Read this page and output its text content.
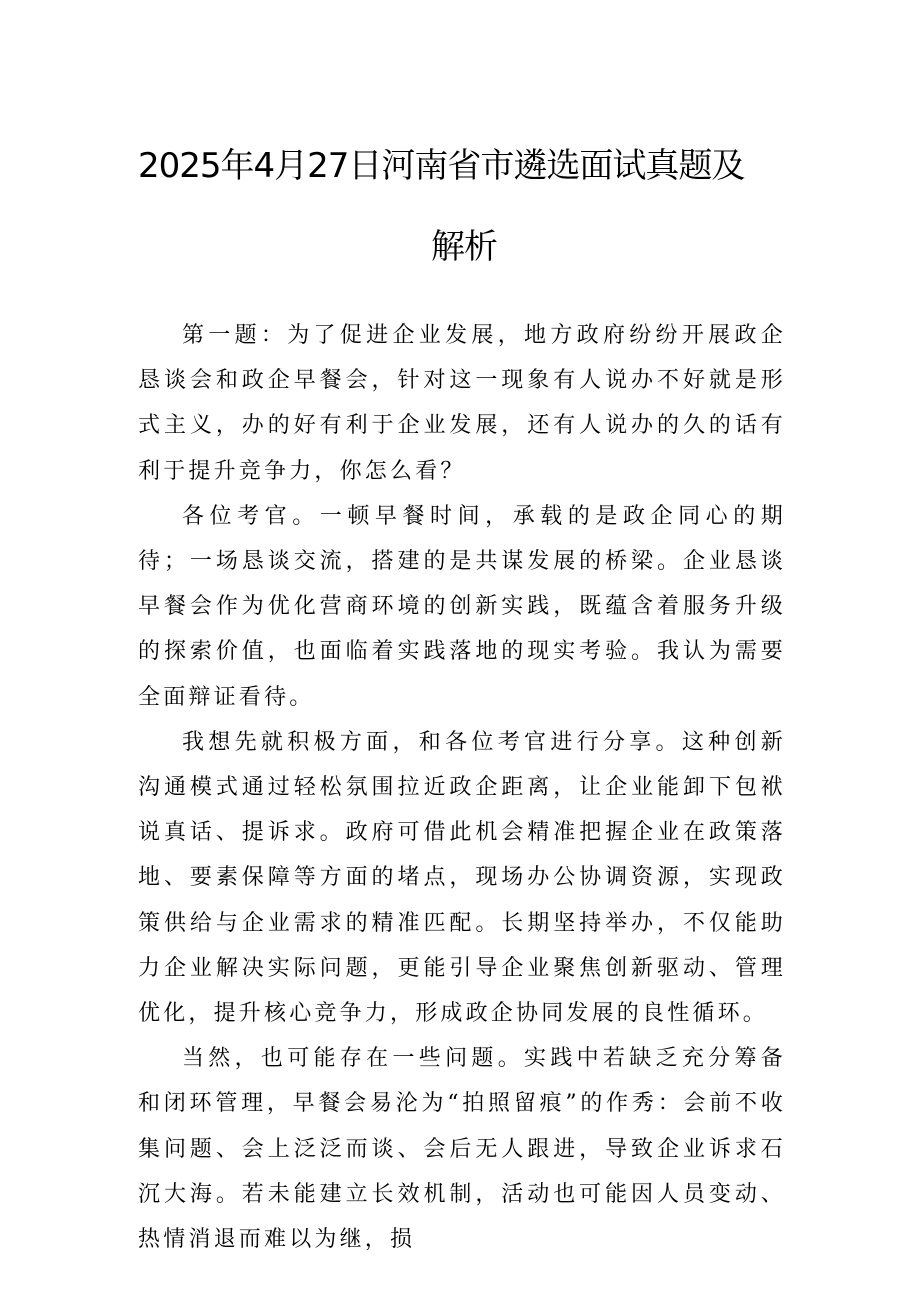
2025年4月27日河南省市遴选面试真题及
解析

第一题：为了促进企业发展，地方政府纷纷开展政企恳谈会和政企早餐会，针对这一现象有人说办不好就是形式主义，办的好有利于企业发展，还有人说办的久的话有利于提升竞争力，你怎么看？

各位考官。一顿早餐时间，承载的是政企同心的期待；一场恳谈交流，搭建的是共谋发展的桥梁。企业恳谈早餐会作为优化营商环境的创新实践，既蕴含着服务升级的探索价值，也面临着实践落地的现实考验。我认为需要全面辩证看待。

我想先就积极方面，和各位考官进行分享。这种创新沟通模式通过轻松氛围拉近政企距离，让企业能卸下包袱说真话、提诉求。政府可借此机会精准把握企业在政策落地、要素保障等方面的堵点，现场办公协调资源，实现政策供给与企业需求的精准匹配。长期坚持举办，不仅能助力企业解决实际问题，更能引导企业聚焦创新驱动、管理优化，提升核心竞争力，形成政企协同发展的良性循环。

当然，也可能存在一些问题。实践中若缺乏充分筹备和闭环管理，早餐会易沦为“拍照留痕”的作秀：会前不收集问题、会上泛泛而谈、会后无人跟进，导致企业诉求石沉大海。若未能建立长效机制，活动也可能因人员变动、热情消退而难以为继，损
